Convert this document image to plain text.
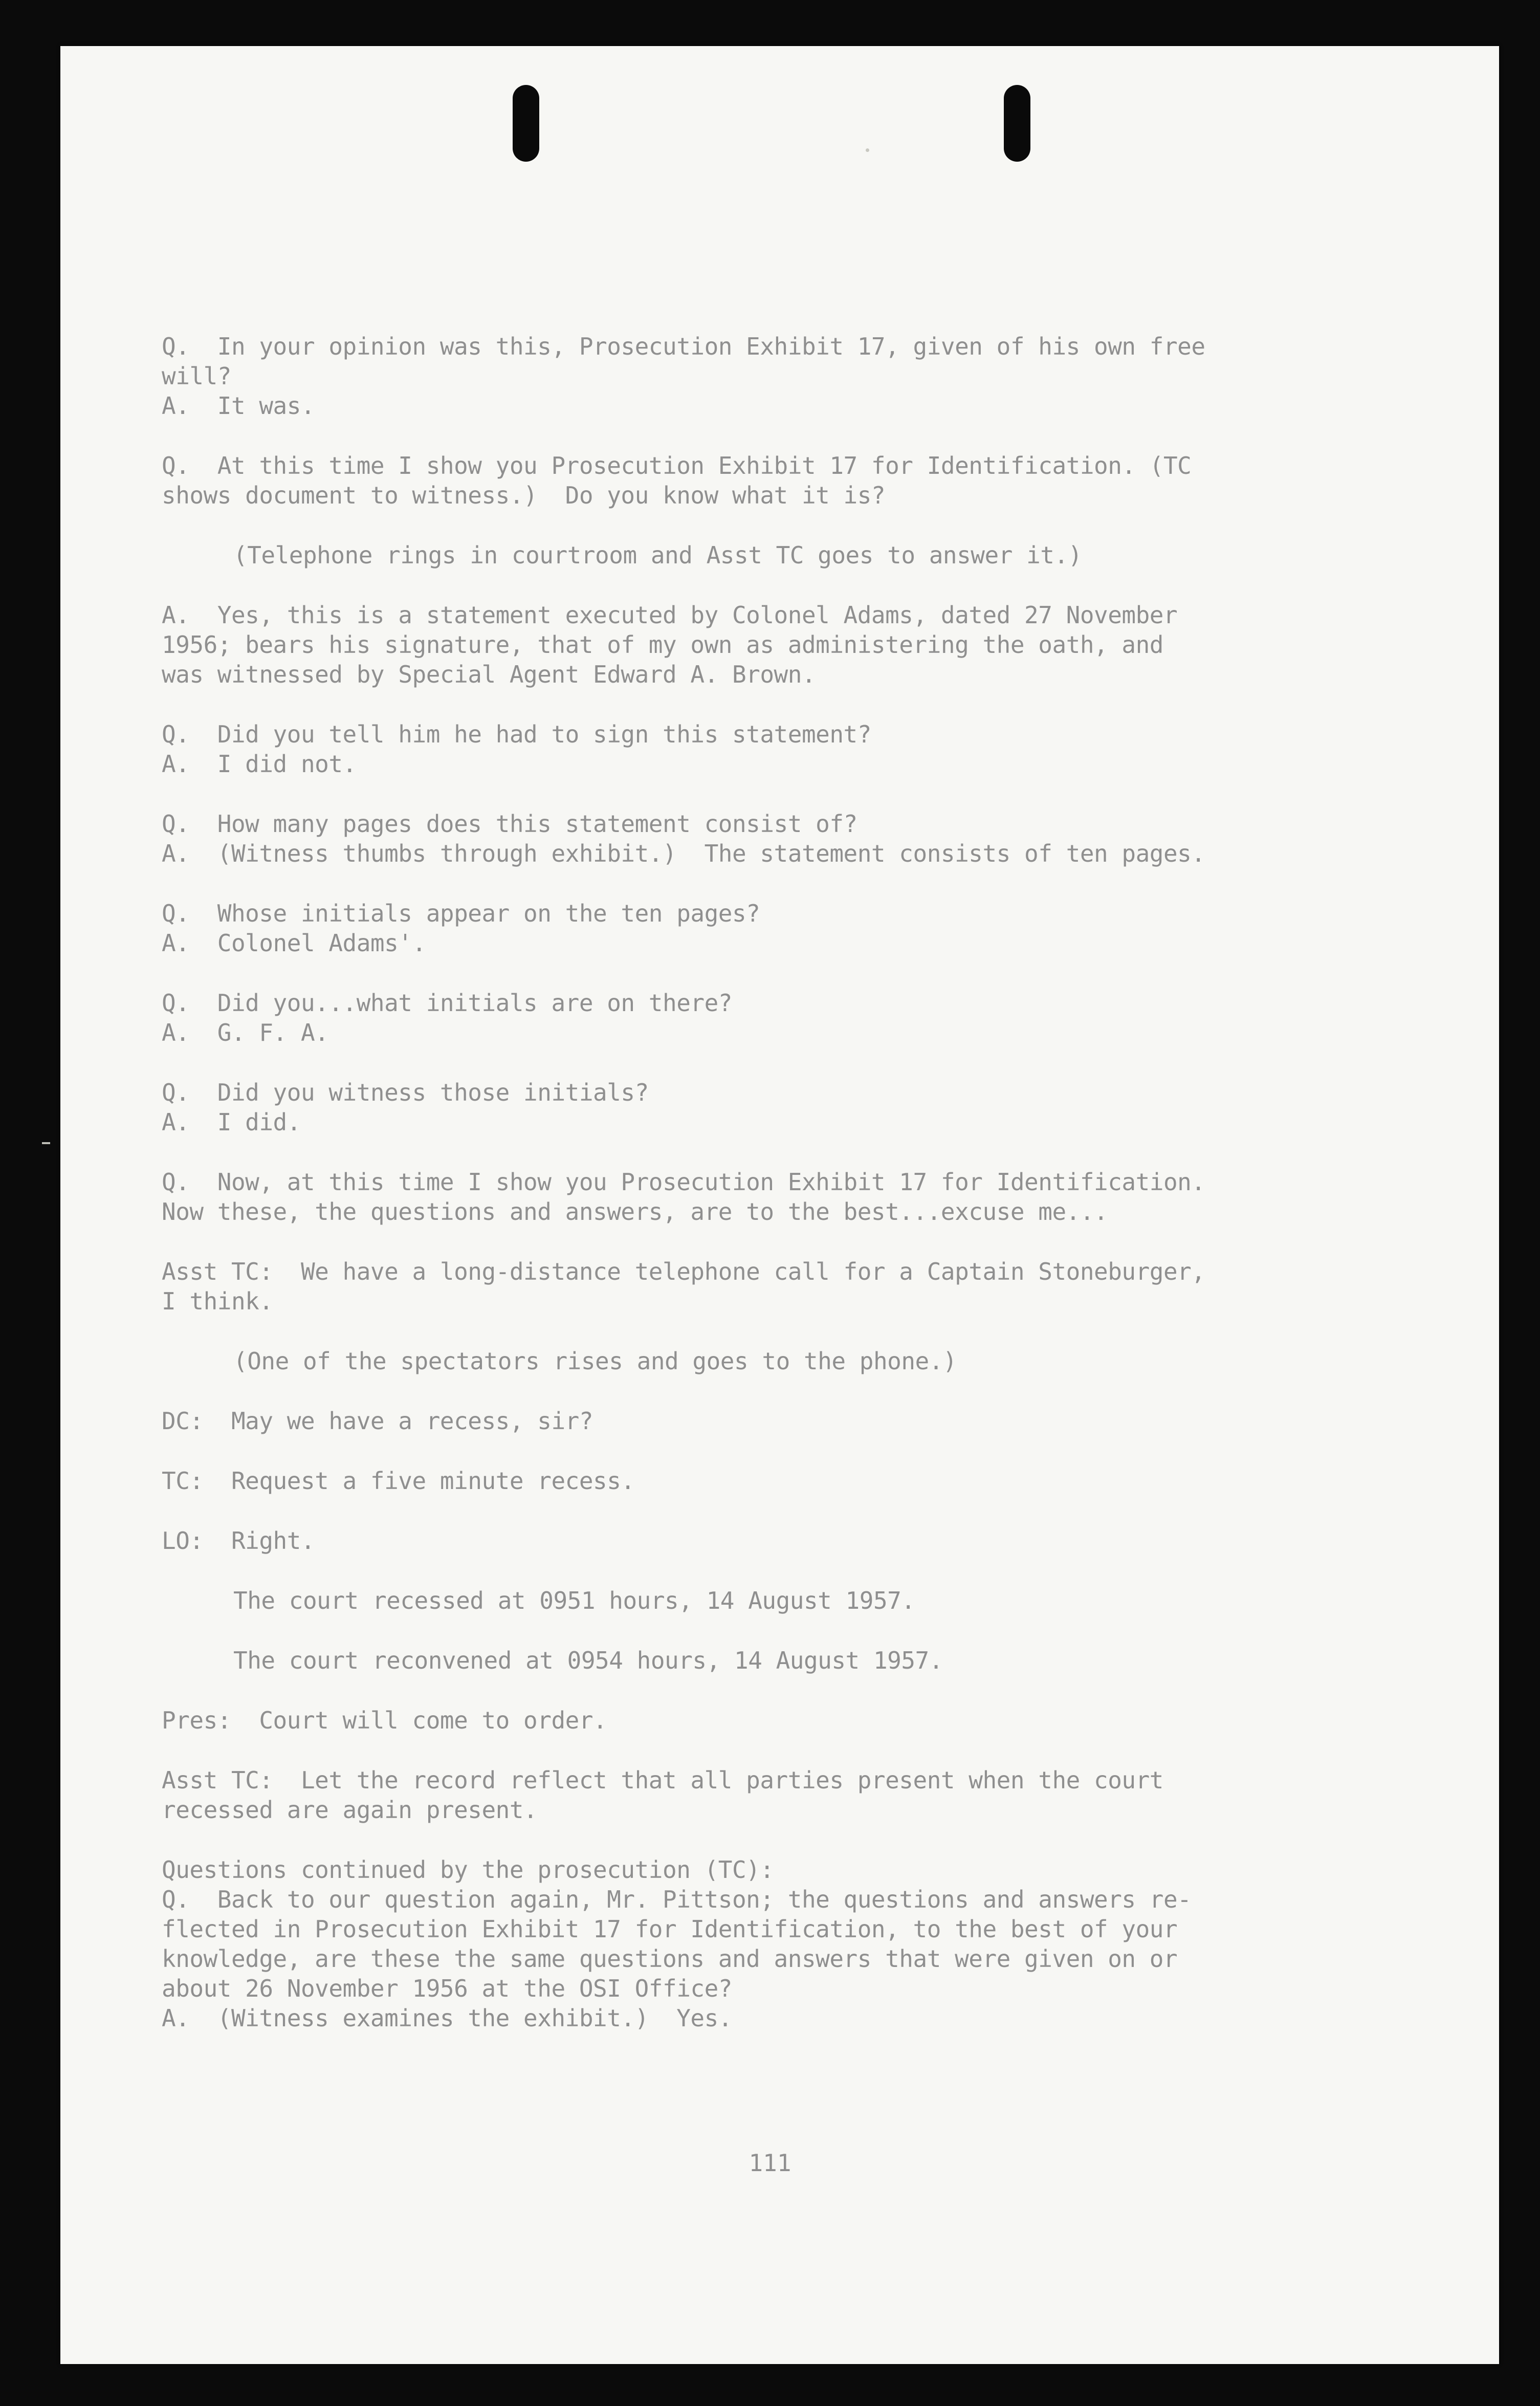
Q.  In your opinion was this, Prosecution Exhibit 17, given of his own free
will?
A.  It was.
Q.  At this time I show you Prosecution Exhibit 17 for Identification. (TC
shows document to witness.)  Do you know what it is?
(Telephone rings in courtroom and Asst TC goes to answer it.)
A.  Yes, this is a statement executed by Colonel Adams, dated 27 November
1956; bears his signature, that of my own as administering the oath, and
was witnessed by Special Agent Edward A. Brown.
Q.  Did you tell him he had to sign this statement?
A.  I did not.
Q.  How many pages does this statement consist of?
A.  (Witness thumbs through exhibit.)  The statement consists of ten pages.
Q.  Whose initials appear on the ten pages?
A.  Colonel Adams'.
Q.  Did you...what initials are on there?
A.  G. F. A.
Q.  Did you witness those initials?
A.  I did.
Q.  Now, at this time I show you Prosecution Exhibit 17 for Identification.
Now these, the questions and answers, are to the best...excuse me...
Asst TC:  We have a long-distance telephone call for a Captain Stoneburger,
I think.
(One of the spectators rises and goes to the phone.)
DC:  May we have a recess, sir?
TC:  Request a five minute recess.
LO:  Right.
The court recessed at 0951 hours, 14 August 1957.
The court reconvened at 0954 hours, 14 August 1957.
Pres:  Court will come to order.
Asst TC:  Let the record reflect that all parties present when the court
recessed are again present.
Questions continued by the prosecution (TC):
Q.  Back to our question again, Mr. Pittson; the questions and answers re-
flected in Prosecution Exhibit 17 for Identification, to the best of your
knowledge, are these the same questions and answers that were given on or
about 26 November 1956 at the OSI Office?
A.  (Witness examines the exhibit.)  Yes.
111
